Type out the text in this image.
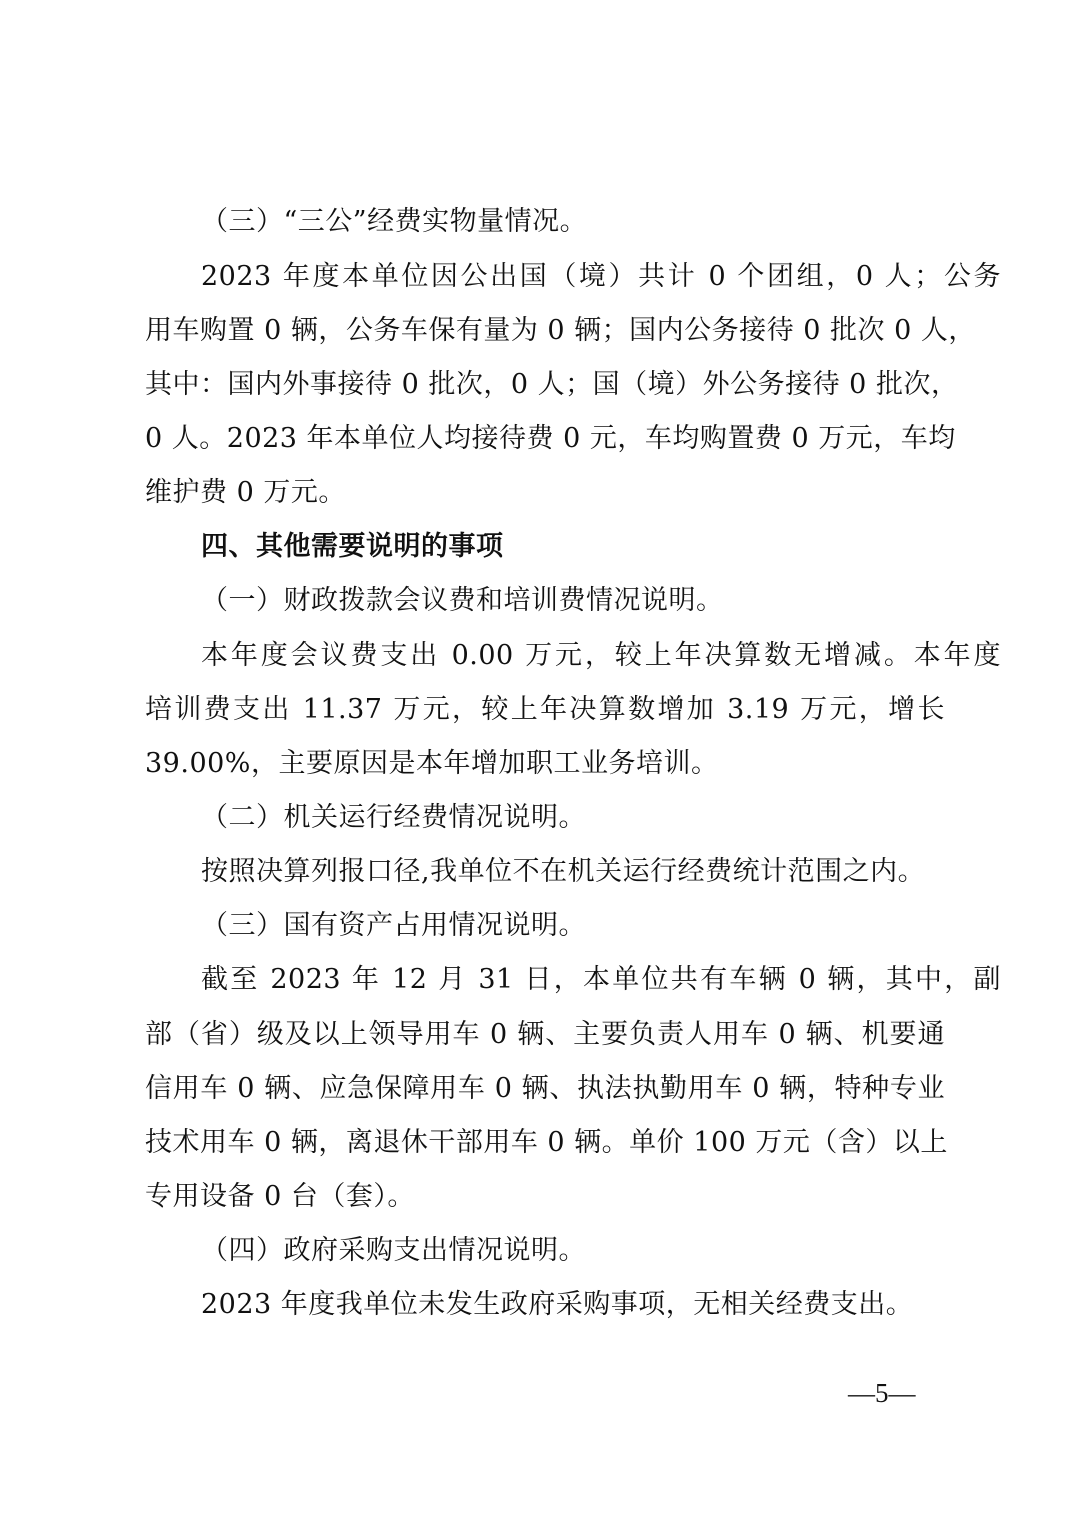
（三）“三公”经费实物量情况。
2023 年度本单位因公出国（境）共计 0 个团组，0 人；公务
用车购置 0 辆，公务车保有量为 0 辆；国内公务接待 0 批次 0 人，
其中：国内外事接待 0 批次，0 人；国（境）外公务接待 0 批次，
0 人。2023 年本单位人均接待费 0 元，车均购置费 0 万元，车均
维护费 0 万元。
四、其他需要说明的事项
（一）财政拨款会议费和培训费情况说明。
本年度会议费支出 0.00 万元，较上年决算数无增减。本年度
培训费支出 11.37 万元，较上年决算数增加 3.19 万元，增长
39.00%，主要原因是本年增加职工业务培训。
（二）机关运行经费情况说明。
按照决算列报口径,我单位不在机关运行经费统计范围之内。
（三）国有资产占用情况说明。
截至 2023 年 12 月 31 日，本单位共有车辆 0 辆，其中，副
部（省）级及以上领导用车 0 辆、主要负责人用车 0 辆、机要通
信用车 0 辆、应急保障用车 0 辆、执法执勤用车 0 辆，特种专业
技术用车 0 辆，离退休干部用车 0 辆。单价 100 万元（含）以上
专用设备 0 台（套）。
（四）政府采购支出情况说明。
2023 年度我单位未发生政府采购事项，无相关经费支出。
—5—
